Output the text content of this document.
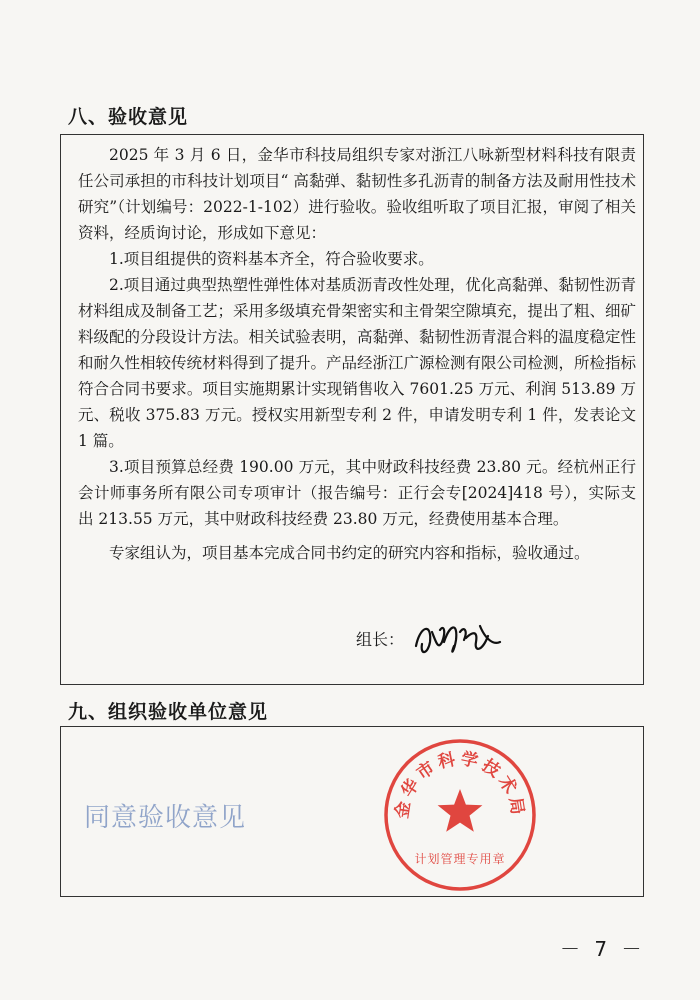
八、验收意见

2025 年 3 月 6 日，金华市科技局组织专家对浙江八咏新型材料科技有限责任公司承担的市科技计划项目“ 高黏弹、黏韧性多孔沥青的制备方法及耐用性技术研究”（计划编号：2022-1-102）进行验收。验收组听取了项目汇报，审阅了相关资料，经质询讨论，形成如下意见：

1.项目组提供的资料基本齐全，符合验收要求。

2.项目通过典型热塑性弹性体对基质沥青改性处理，优化高黏弹、黏韧性沥青材料组成及制备工艺；采用多级填充骨架密实和主骨架空隙填充，提出了粗、细矿料级配的分段设计方法。相关试验表明，高黏弹、黏韧性沥青混合料的温度稳定性和耐久性相较传统材料得到了提升。产品经浙江广源检测有限公司检测，所检指标符合合同书要求。项目实施期累计实现销售收入 7601.25 万元、利润 513.89 万元、税收 375.83 万元。授权实用新型专利 2 件，申请发明专利 1 件，发表论文 1 篇。

3.项目预算总经费 190.00 万元，其中财政科技经费 23.80 元。经杭州正行会计师事务所有限公司专项审计（报告编号：正行会专[2024]418 号），实际支出 213.55 万元，其中财政科技经费 23.80 万元，经费使用基本合理。

专家组认为，项目基本完成合同书约定的研究内容和指标，验收通过。

组长：
九、组织验收单位意见
同意验收意见	金华市科学技术局
计划管理专用章
－ 7 －
